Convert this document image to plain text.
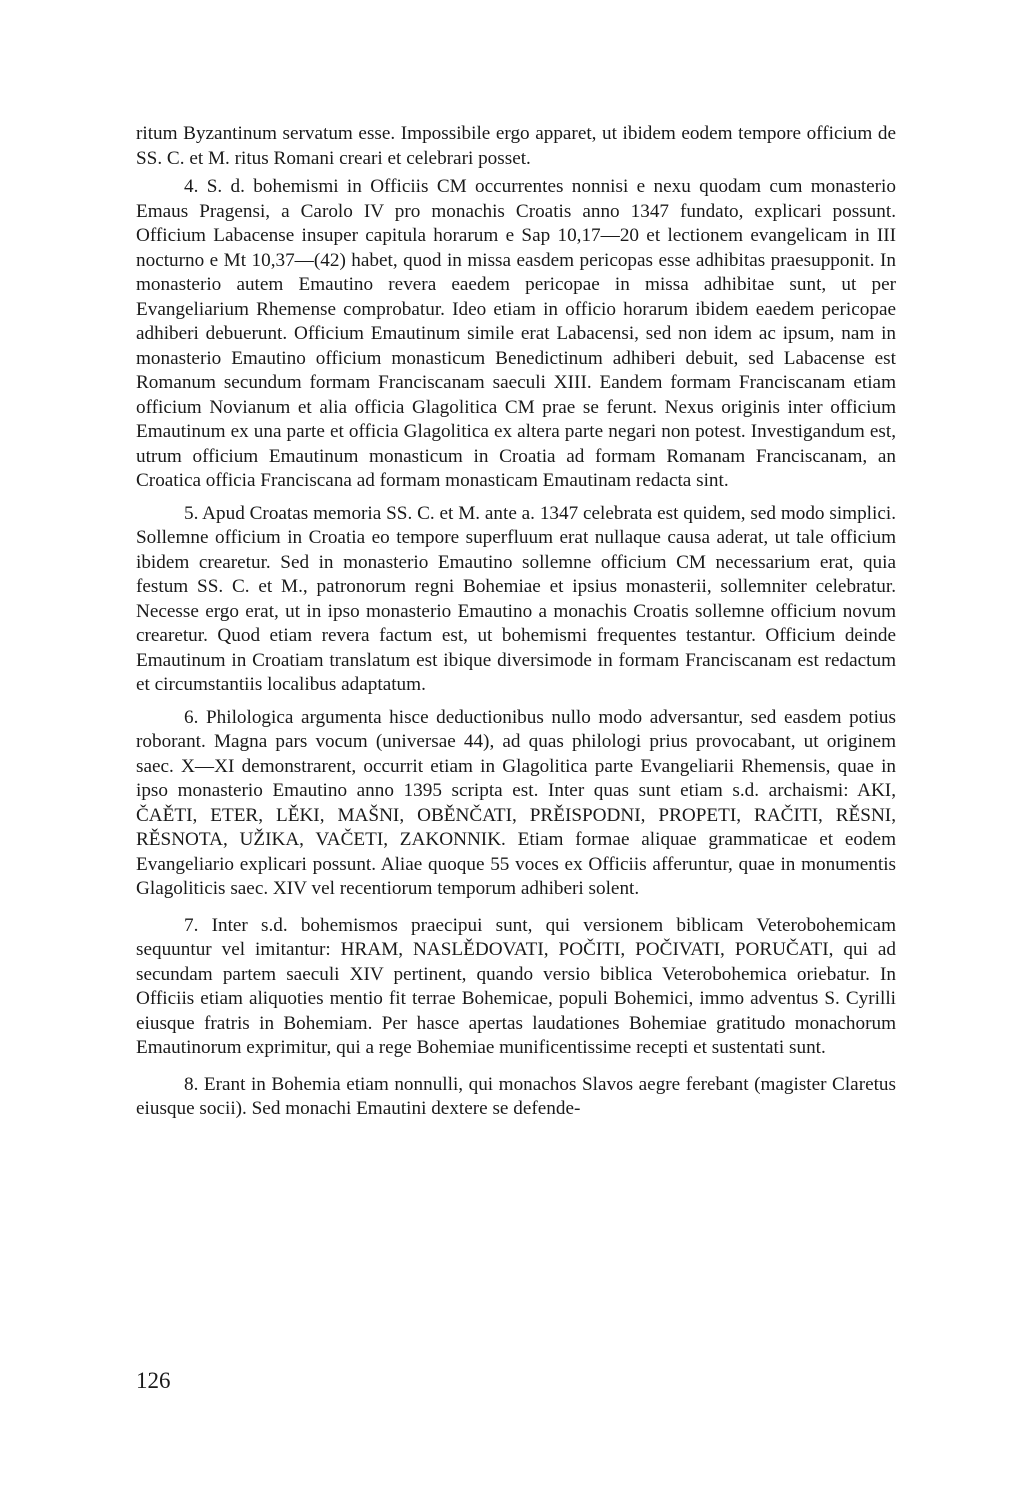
ritum Byzantinum servatum esse. Impossibile ergo apparet, ut ibidem eodem tempore officium de SS. C. et M. ritus Romani creari et celebrari posset.

4. S. d. bohemismi in Officiis CM occurrentes nonnisi e nexu quodam cum monasterio Emaus Pragensi, a Carolo IV pro monachis Croatis anno 1347 fundato, explicari possunt. Officium Labacense insuper capitula horarum e Sap 10,17—20 et lectionem evangelicam in III nocturno e Mt 10,37—(42) habet, quod in missa easdem pericopas esse adhibitas praesupponit. In monasterio autem Emautino revera eaedem pericopae in missa adhibitae sunt, ut per Evangeliarium Rhemense comprobatur. Ideo etiam in officio horarum ibidem eaedem pericopae adhiberi debuerunt. Officium Emautinum simile erat Labacensi, sed non idem ac ipsum, nam in monasterio Emautino officium monasticum Benedictinum adhiberi debuit, sed Labacense est Romanum secundum formam Franciscanam saeculi XIII. Eandem formam Franciscanam etiam officium Novianum et alia officia Glagolitica CM prae se ferunt. Nexus originis inter officium Emautinum ex una parte et officia Glagolitica ex altera parte negari non potest. Investigandum est, utrum officium Emautinum monasticum in Croatia ad formam Romanam Franciscanam, an Croatica officia Franciscana ad formam monasticam Emautinam redacta sint.

5. Apud Croatas memoria SS. C. et M. ante a. 1347 celebrata est quidem, sed modo simplici. Sollemne officium in Croatia eo tempore superfluum erat nullaque causa aderat, ut tale officium ibidem crearetur. Sed in monasterio Emautino sollemne officium CM necessarium erat, quia festum SS. C. et M., patronorum regni Bohemiae et ipsius monasterii, sollemniter celebratur. Necesse ergo erat, ut in ipso monasterio Emautino a monachis Croatis sollemne officium novum crearetur. Quod etiam revera factum est, ut bohemismi frequentes testantur. Officium deinde Emautinum in Croatiam translatum est ibique diversimode in formam Franciscanam est redactum et circumstantiis localibus adaptatum.

6. Philologica argumenta hisce deductionibus nullo modo adversantur, sed easdem potius roborant. Magna pars vocum (universae 44), ad quas philologi prius provocabant, ut originem saec. X—XI demonstrarent, occurrit etiam in Glagolitica parte Evangeliarii Rhemensis, quae in ipso monasterio Emautino anno 1395 scripta est. Inter quas sunt etiam s.d. archaismi: AKI, ČAĚTI, ETER, LĚKI, MAŠNI, OBĚNČATI, PRĚISPODNI, PROPETI, RAČITI, RĚSNI, RĚSNOTA, UŽIKA, VAČETI, ZAKONNIK. Etiam formae aliquae grammaticae et eodem Evangeliario explicari possunt. Aliae quoque 55 voces ex Officiis afferuntur, quae in monumentis Glagoliticis saec. XIV vel recentiorum temporum adhiberi solent.

7. Inter s.d. bohemismos praecipui sunt, qui versionem biblicam Veterobohemicam sequuntur vel imitantur: HRAM, NASLĚDOVATI, POČITI, POČIVATI, PORUČATI, qui ad secundam partem saeculi XIV pertinent, quando versio biblica Veterobohemica oriebatur. In Officiis etiam aliquoties mentio fit terrae Bohemicae, populi Bohemici, immo adventus S. Cyrilli eiusque fratris in Bohemiam. Per hasce apertas laudationes Bohemiae gratitudo monachorum Emautinorum exprimitur, qui a rege Bohemiae munificentissime recepti et sustentati sunt.

8. Erant in Bohemia etiam nonnulli, qui monachos Slavos aegre ferebant (magister Claretus eiusque socii). Sed monachi Emautini dextere se defende-

126
